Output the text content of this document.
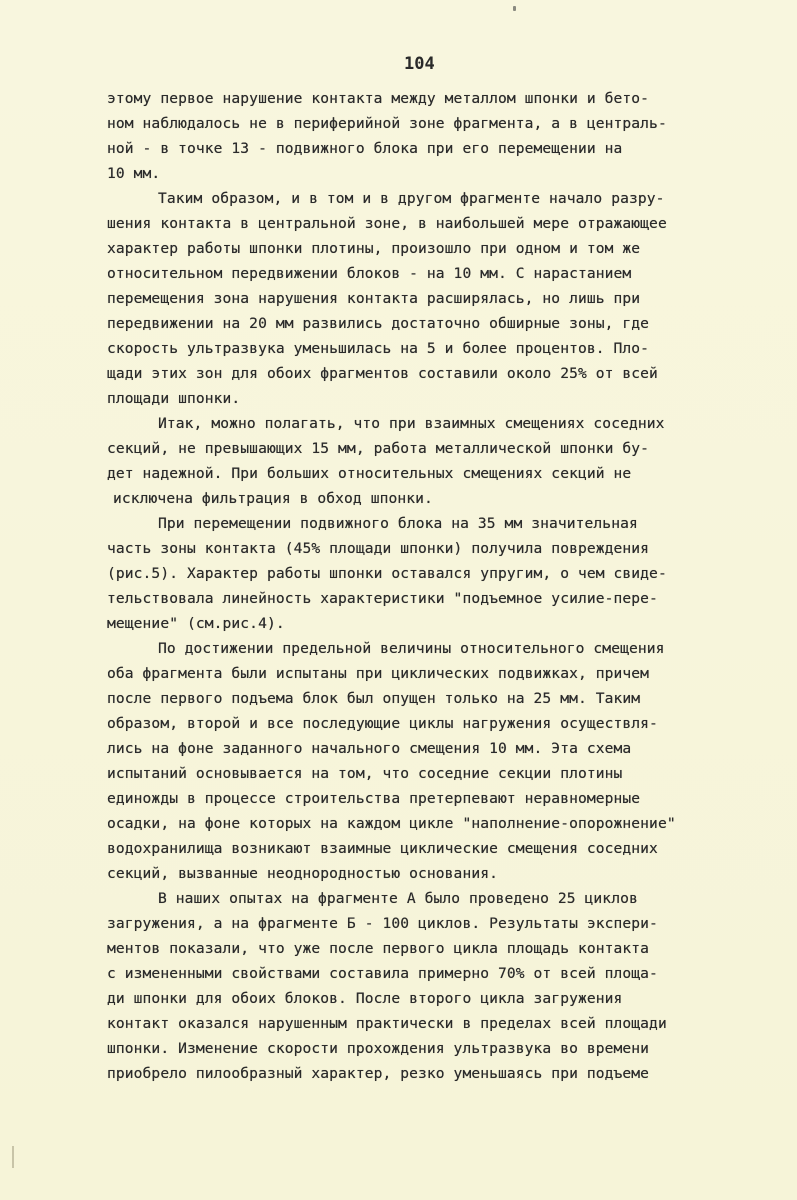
104
этому первое нарушение контакта между металлом шпонки и бето-
ном наблюдалось не в периферийной зоне фрагмента, а в централь-
ной - в точке 13 - подвижного блока при его перемещении на
10 мм.
Таким образом, и в том и в другом фрагменте начало разру-
шения контакта в центральной зоне, в наибольшей мере отражающее
характер работы шпонки плотины, произошло при одном и том же
относительном передвижении блоков - на 10 мм. С нарастанием
перемещения зона нарушения контакта расширялась, но лишь при
передвижении на 20 мм развились достаточно обширные зоны, где
скорость ультразвука уменьшилась на 5 и более процентов. Пло-
щади этих зон для обоих фрагментов составили около 25% от всей
площади шпонки.
Итак, можно полагать, что при взаимных смещениях соседних
секций, не превышающих 15 мм, работа металлической шпонки бу-
дет надежной. При больших относительных смещениях секций не
исключена фильтрация в обход шпонки.
При перемещении подвижного блока на 35 мм значительная
часть зоны контакта (45% площади шпонки) получила повреждения
(рис.5). Характер работы шпонки оставался упругим, о чем свиде-
тельствовала линейность характеристики "подъемное усилие-пере-
мещение" (см.рис.4).
По достижении предельной величины относительного смещения
оба фрагмента были испытаны при циклических подвижках, причем
после первого подъема блок был опущен только на 25 мм. Таким
образом, второй и все последующие циклы нагружения осуществля-
лись на фоне заданного начального смещения 10 мм. Эта схема
испытаний основывается на том, что соседние секции плотины
единожды в процессе строительства претерпевают неравномерные
осадки, на фоне которых на каждом цикле "наполнение-опорожнение"
водохранилища возникают взаимные циклические смещения соседних
секций, вызванные неоднородностью основания.
В наших опытах на фрагменте А было проведено 25 циклов
загружения, а на фрагменте Б - 100 циклов. Результаты экспери-
ментов показали, что уже после первого цикла площадь контакта
с измененными свойствами составила примерно 70% от всей площа-
ди шпонки для обоих блоков. После второго цикла загружения
контакт оказался нарушенным практически в пределах всей площади
шпонки. Изменение скорости прохождения ультразвука во времени
приобрело пилообразный характер, резко уменьшаясь при подъеме
